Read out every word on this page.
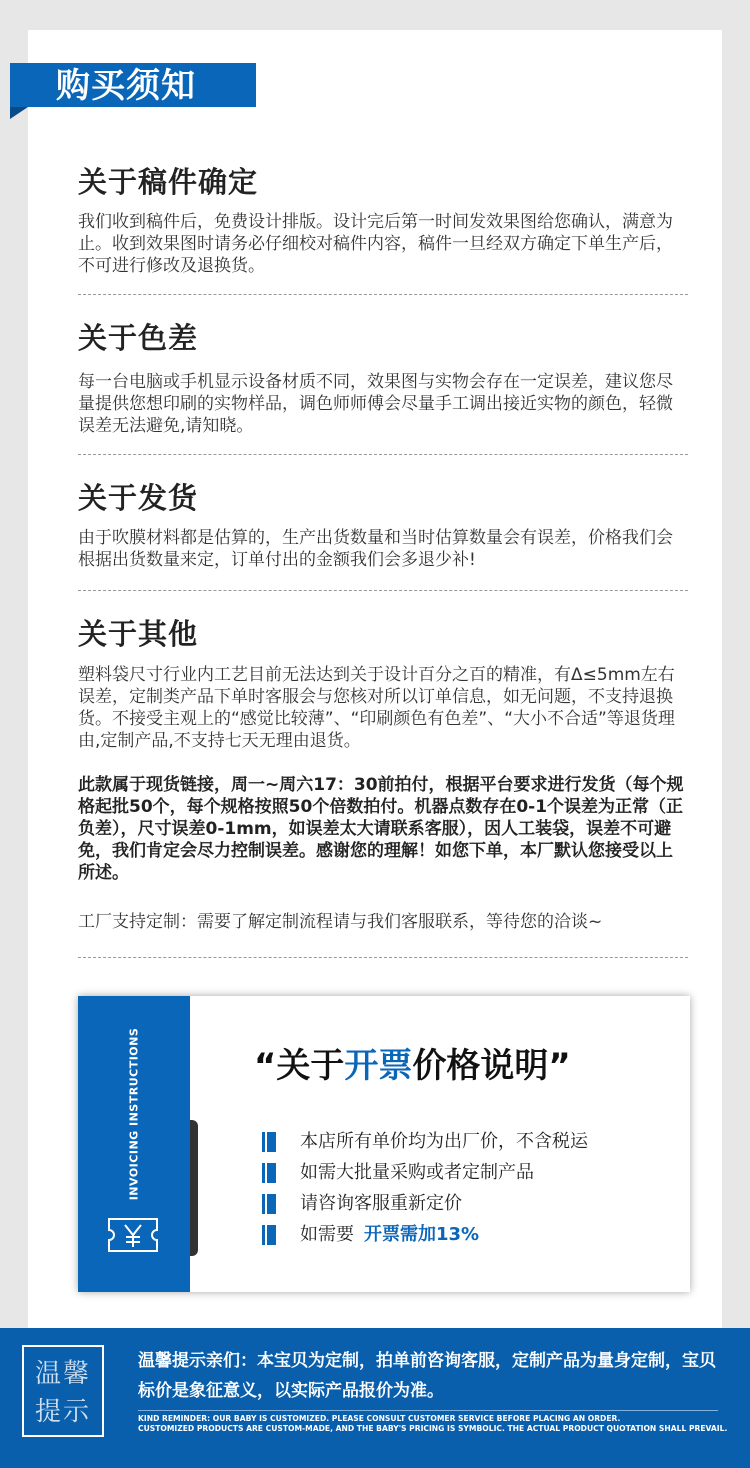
购买须知
关于稿件确定
我们收到稿件后，免费设计排版。设计完后第一时间发效果图给您确认，满意为止。收到效果图时请务必仔细校对稿件内容，稿件一旦经双方确定下单生产后，不可进行修改及退换货。
关于色差
每一台电脑或手机显示设备材质不同，效果图与实物会存在一定误差，建议您尽量提供您想印刷的实物样品，调色师师傅会尽量手工调出接近实物的颜色，轻微误差无法避免,请知晓。
关于发货
由于吹膜材料都是估算的，生产出货数量和当时估算数量会有误差，价格我们会根据出货数量来定，订单付出的金额我们会多退少补!
关于其他
塑料袋尺寸行业内工艺目前无法达到关于设计百分之百的精准，有Δ≤5mm左右误差，定制类产品下单时客服会与您核对所以订单信息，如无问题，不支持退换货。不接受主观上的“感觉比较薄”、“印刷颜色有色差”、“大小不合适”等退货理由,定制产品,不支持七天无理由退货。
此款属于现货链接，周一~周六17：30前拍付，根据平台要求进行发货（每个规格起批50个，每个规格按照50个倍数拍付。机器点数存在0-1个误差为正常（正负差），尺寸误差0-1mm，如误差太大请联系客服），因人工装袋，误差不可避免，我们肯定会尽力控制误差。感谢您的理解！如您下单，本厂默认您接受以上所述。
工厂支持定制：需要了解定制流程请与我们客服联系，等待您的洽谈~
INVOICING INSTRUCTIONS	“关于开票价格说明”
本店所有单价均为出厂价，不含税运
如需大批量采购或者定制产品
请咨询客服重新定价
如需要 开票需加13%
温馨
提示
温馨提示亲们：本宝贝为定制，拍单前咨询客服，定制产品为量身定制，宝贝标价是象征意义，以实际产品报价为准。
KIND REMINDER: OUR BABY IS CUSTOMIZED. PLEASE CONSULT CUSTOMER SERVICE BEFORE PLACING AN ORDER.
CUSTOMIZED PRODUCTS ARE CUSTOM-MADE, AND THE BABY'S PRICING IS SYMBOLIC. THE ACTUAL PRODUCT QUOTATION SHALL PREVAIL.
